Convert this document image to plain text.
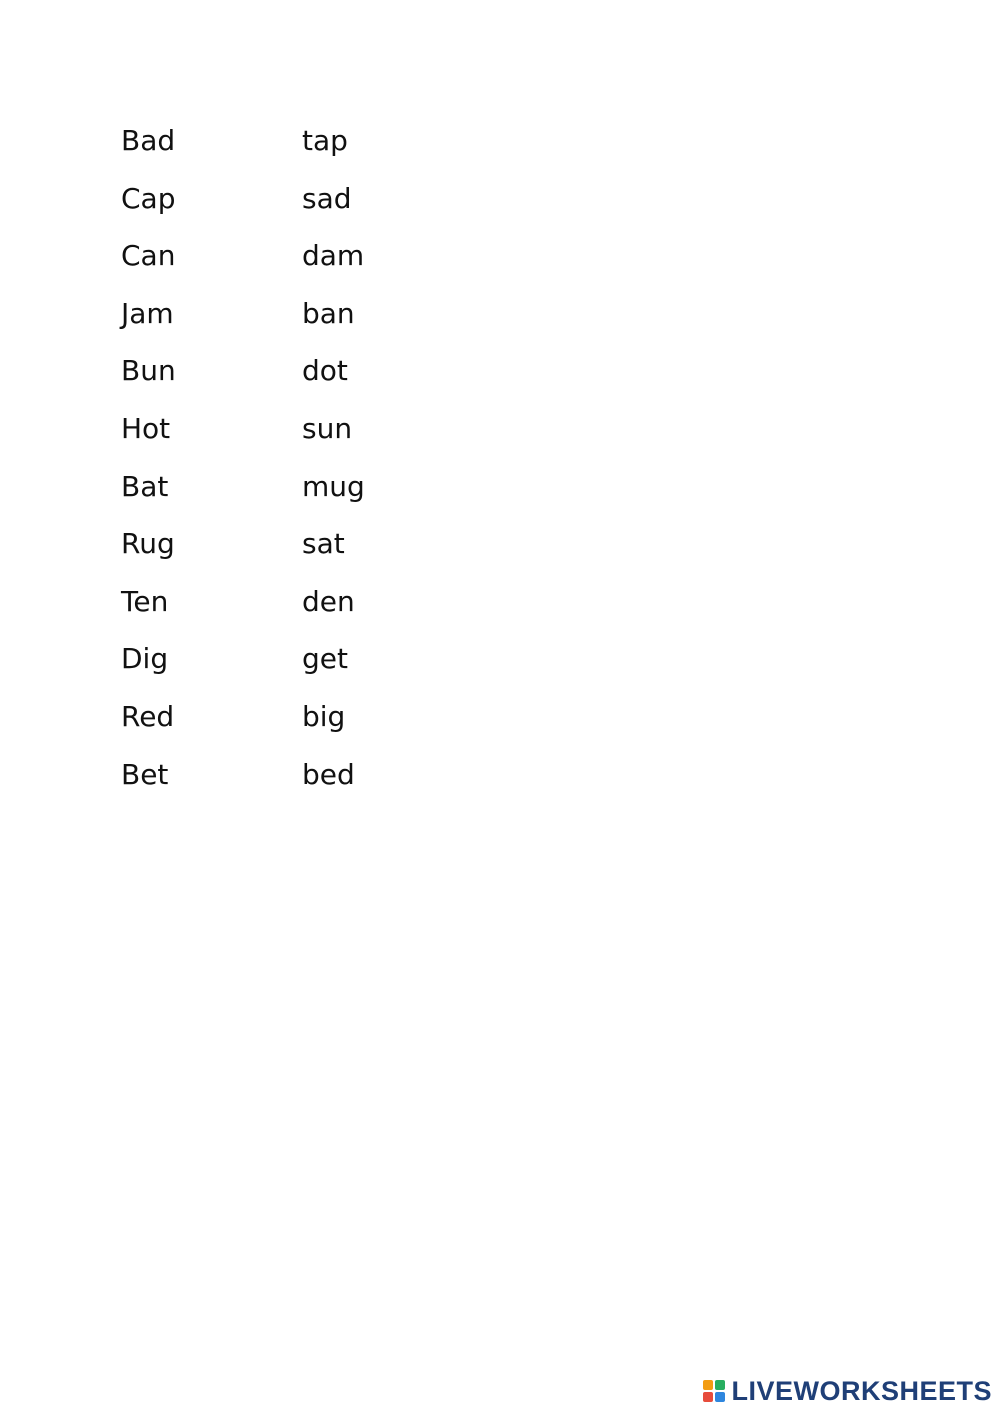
Bad	tap
Cap	sad
Can	dam
Jam	ban
Bun	dot
Hot	sun
Bat	mug
Rug	sat
Ten	den
Dig	get
Red	big
Bet	bed
LIVEWORKSHEETS
